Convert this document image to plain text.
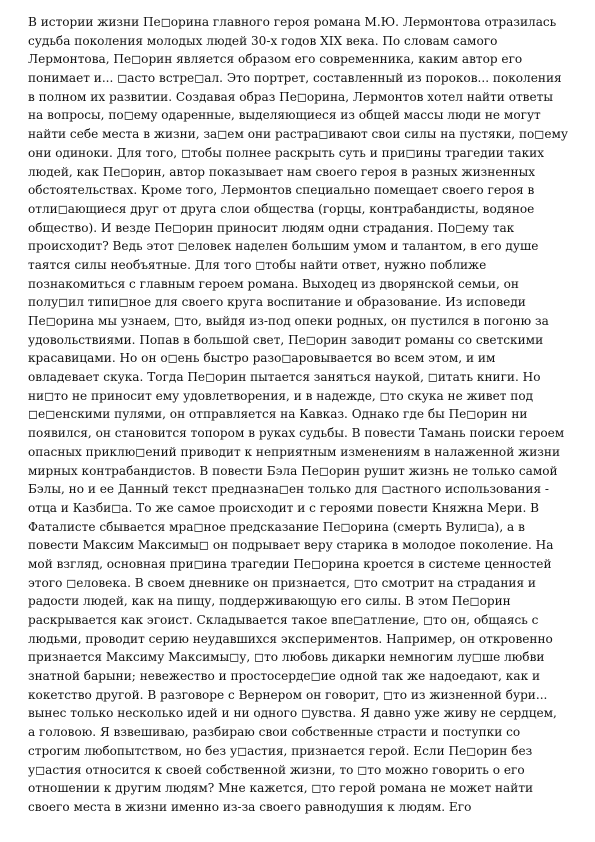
В истории жизни Пе◻орина главного героя романа М.Ю. Лермонтова отразилась
судьба поколения молодых людей 30-х годов XIX века. По словам самого
Лермонтова, Пе◻орин является образом его современника, каким автор его
понимает и... ◻асто встре◻ал. Это портрет, составленный из пороков... поколения
в полном их развитии. Создавая образ Пе◻орина, Лермонтов хотел найти ответы
на вопросы, по◻ему одаренные, выделяющиеся из общей массы люди не могут
найти себе места в жизни, за◻ем они растра◻ивают свои силы на пустяки, по◻ему
они одиноки. Для того, ◻тобы полнее раскрыть суть и при◻ины трагедии таких
людей, как Пе◻орин, автор показывает нам своего героя в разных жизненных
обстоятельствах. Кроме того, Лермонтов специально помещает своего героя в
отли◻ающиеся друг от друга слои общества (горцы, контрабандисты, водяное
общество). И везде Пе◻орин приносит людям одни страдания. По◻ему так
происходит? Ведь этот ◻еловек наделен большим умом и талантом, в его душе
таятся силы необъятные. Для того ◻тобы найти ответ, нужно поближе
познакомиться с главным героем романа. Выходец из дворянской семьи, он
полу◻ил типи◻ное для своего круга воспитание и образование. Из исповеди
Пе◻орина мы узнаем, ◻то, выйдя из-под опеки родных, он пустился в погоню за
удовольствиями. Попав в большой свет, Пе◻орин заводит романы со светскими
красавицами. Но он о◻ень быстро разо◻аровывается во всем этом, и им
овладевает скука. Тогда Пе◻орин пытается заняться наукой, ◻итать книги. Но
ни◻то не приносит ему удовлетворения, и в надежде, ◻то скука не живет под
◻е◻енскими пулями, он отправляется на Кавказ. Однако где бы Пе◻орин ни
появился, он становится топором в руках судьбы. В повести Тамань поиски героем
опасных приклю◻ений приводит к неприятным изменениям в налаженной жизни
мирных контрабандистов. В повести Бэла Пе◻орин рушит жизнь не только самой
Бэлы, но и ее Данный текст предназна◻ен только для ◻астного использования -
отца и Казби◻а. То же самое происходит и с героями повести Княжна Мери. В
Фаталисте сбывается мра◻ное предсказание Пе◻орина (смерть Вули◻а), а в
повести Максим Максимы◻ он подрывает веру старика в молодое поколение. На
мой взгляд, основная при◻ина трагедии Пе◻орина кроется в системе ценностей
этого ◻еловека. В своем дневнике он признается, ◻то смотрит на страдания и
радости людей, как на пищу, поддерживающую его силы. В этом Пе◻орин
раскрывается как эгоист. Складывается такое впе◻атление, ◻то он, общаясь с
людьми, проводит серию неудавшихся экспериментов. Например, он откровенно
признается Максиму Максимы◻у, ◻то любовь дикарки немногим лу◻ше любви
знатной барыни; невежество и простосерде◻ие одной так же надоедают, как и
кокетство другой. В разговоре с Вернером он говорит, ◻то из жизненной бури...
вынес только несколько идей и ни одного ◻увства. Я давно уже живу не сердцем,
а головою. Я взвешиваю, разбираю свои собственные страсти и поступки со
строгим любопытством, но без у◻астия, признается герой. Если Пе◻орин без
у◻астия относится к своей собственной жизни, то ◻то можно говорить о его
отношении к другим людям? Мне кажется, ◻то герой романа не может найти
своего места в жизни именно из-за своего равнодушия к людям. Его
